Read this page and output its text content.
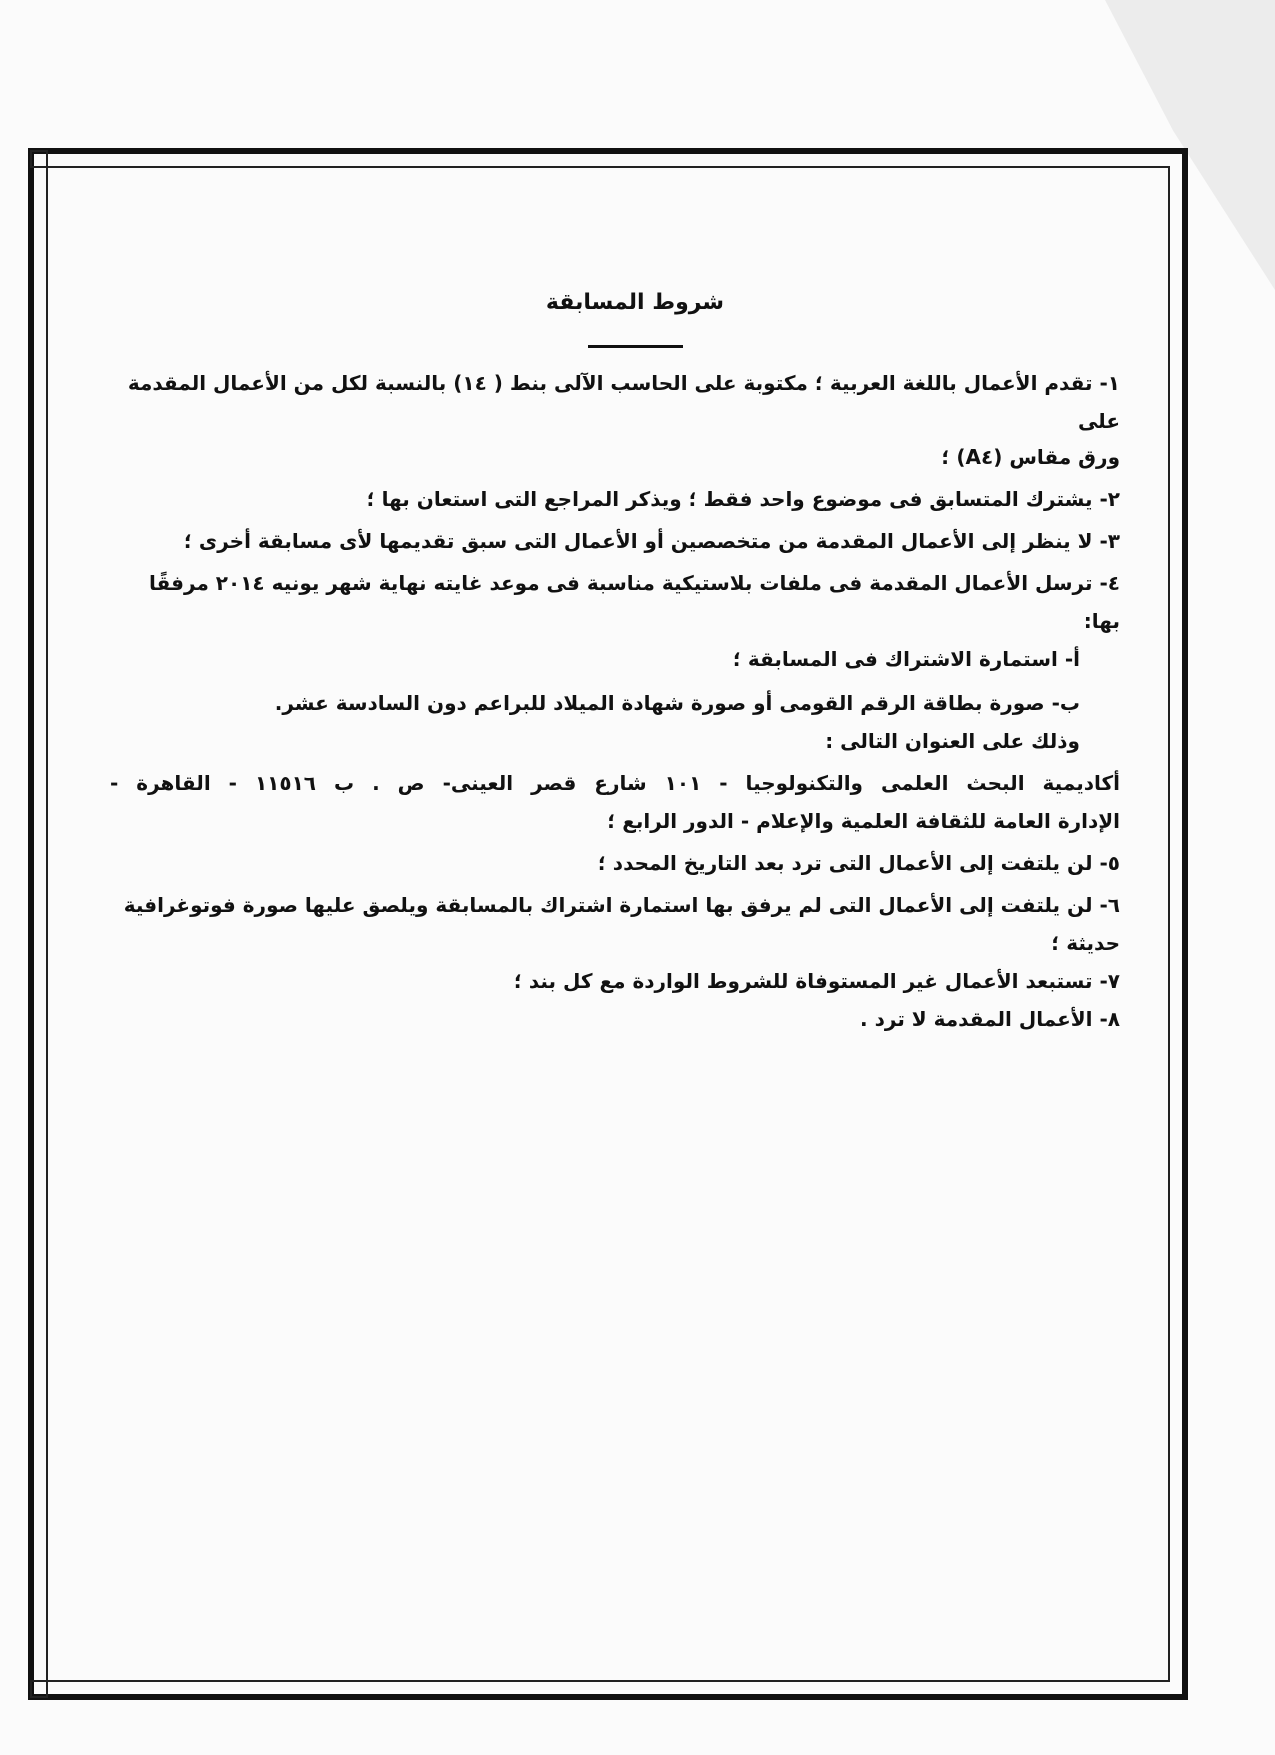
شروط المسابقة

١- تقدم الأعمال باللغة العربية ؛ مكتوبة على الحاسب الآلى بنط ( ١٤) بالنسبة لكل من الأعمال المقدمة على

ورق مقاس (A٤) ؛

٢- يشترك المتسابق فى موضوع واحد فقط ؛ ويذكر المراجع التى استعان بها ؛

٣- لا ينظر إلى الأعمال المقدمة من متخصصين أو الأعمال التى سبق تقديمها لأى مسابقة أخرى ؛

٤- ترسل الأعمال المقدمة فى ملفات بلاستيكية مناسبة فى موعد غايته نهاية شهر يونيه ٢٠١٤ مرفقًا بها:

أ- استمارة الاشتراك فى المسابقة ؛

ب- صورة بطاقة الرقم القومى أو صورة شهادة الميلاد للبراعم دون السادسة عشر.

وذلك على العنوان التالى :

أكاديمية البحث العلمى والتكنولوجيا - ١٠١ شارع قصر العينى- ص . ب ١١٥١٦ - القاهرة -

الإدارة العامة للثقافة العلمية والإعلام - الدور الرابع ؛

٥- لن يلتفت إلى الأعمال التى ترد بعد التاريخ المحدد ؛

٦- لن يلتفت إلى الأعمال التى لم يرفق بها استمارة اشتراك بالمسابقة ويلصق عليها صورة فوتوغرافية حديثة ؛

٧- تستبعد الأعمال غير المستوفاة للشروط الواردة مع كل بند ؛

٨- الأعمال المقدمة لا ترد .
